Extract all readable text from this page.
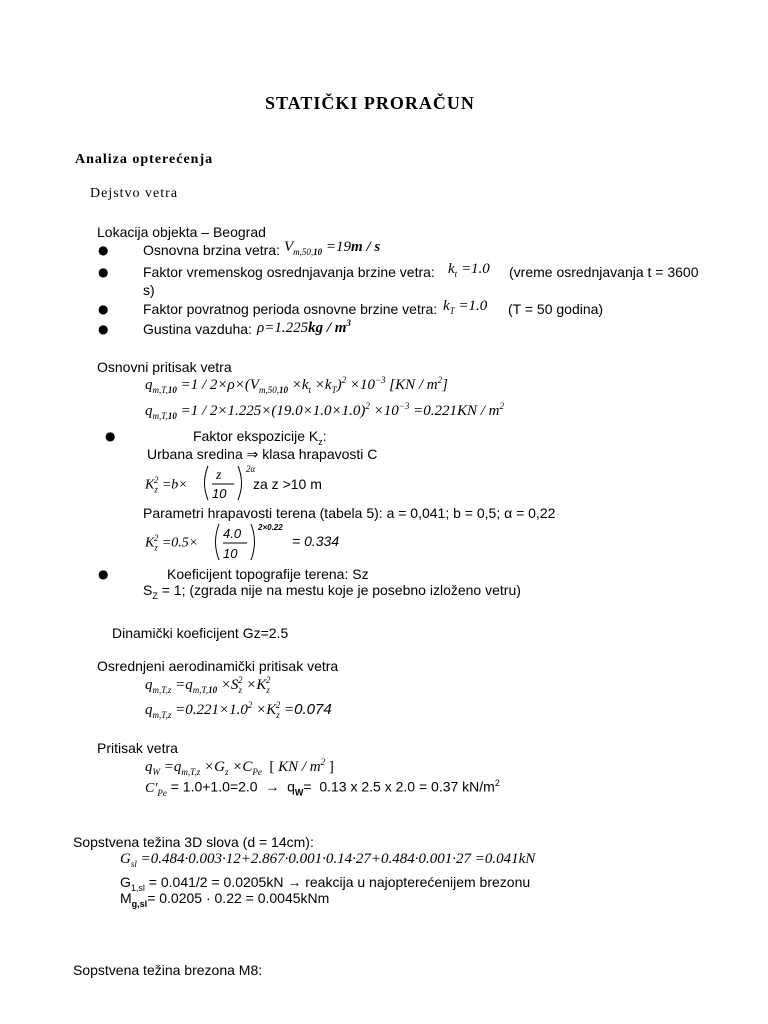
STATIČKI PRORAČUN
Analiza opterećenja
Dejstvo vetra
Lokacija objekta – Beograd
● Osnovna brzina vetra: $V_{m,50,10} =19m / s$
● Faktor vremenskog osrednjavanja brzine vetra: $k_t =1.0$ (vreme osrednjavanja t = 3600
s)
● Faktor povratnog perioda osnovne brzine vetra: $k_T =1.0$ (T = 50 godina)
● Gustina vazduha: $\rho=1.225kg / m^3$
Osnovni pritisak vetra
$q_{m,T,10} =1 / 2\times\rho\times(V_{m,50,10} \times k_t \times k_T)^2 \times 10^{-3}$ $[KN / m^2]$
$q_{m,T,10} =1 / 2\times 1.225\times(19.0\times 1.0\times 1.0)^2 \times 10^{-3} =0.221KN / m^2$
●	Faktor ekspozicije $K_z$:
Urbana sredina ⇒ klasa hrapavosti C
$K_z^2 =b\times$
z
10
2α
za z >10 m
Parametri hrapavosti terena (tabela 5): a = 0,041; b = 0,5; α = 0,22
$K_z^2 =0.5\times$
4.0
10
2×0.22
= 0.334
●	Koeficijent topografije terena: Sz
$S_Z = 1$; (zgrada nije na mestu koje je posebno izloženo vetru)
Dinamički koeficijent Gz=2.5
Osrednjeni aerodinamički pritisak vetra
$q_{m,T,z} =q_{m,T,10} \times S_z^2 \times K_z^2$
$q_{m,T,z} =0.221\times 1.0^2 \times K_z^2 =0.074$
Pritisak vetra
$q_W =q_{m,T,z} \times G_z \times C_{Pe}$ [ KN / $m^2$ ]
$C'_{Pe} = 1.0+1.0=2.0 \to q_W= 0.13$ x 2.5 x 2.0 = 0.37 $kN/m^2$
Sopstvena težina 3D slova (d = 14cm):
$G_{sl} =0.484\cdot 0.003\cdot 12+2.867\cdot 0.001\cdot 0.14\cdot 27+0.484\cdot 0.001\cdot 27 =0.041kN$
$G_{1,sl} = 0.041/2 = 0.0205kN$ → reakcija u najopterećenijem brezonu
$M_{g,sl}= 0.0205 \cdot 0.22 = 0.0045kNm$
Sopstvena težina brezona M8:
